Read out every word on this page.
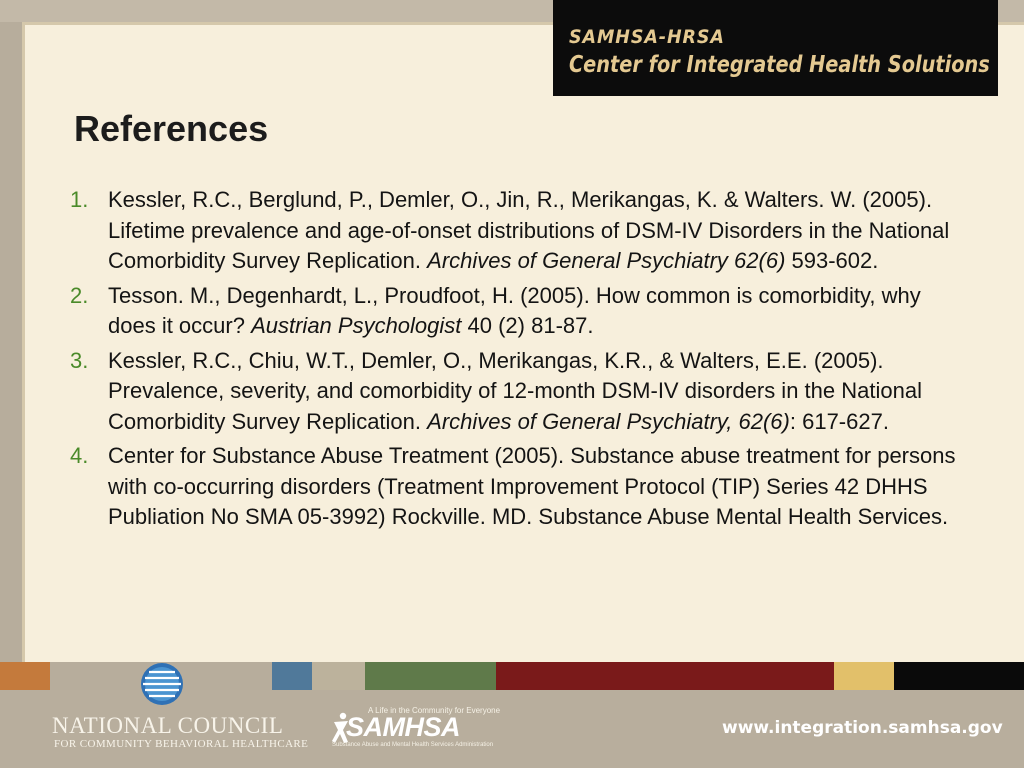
SAMHSA-HRSA
Center for Integrated Health Solutions
References
1. Kessler, R.C., Berglund, P., Demler, O., Jin, R., Merikangas, K. & Walters. W. (2005). Lifetime prevalence and age-of-onset distributions of DSM-IV Disorders in the National Comorbidity Survey Replication. Archives of General Psychiatry 62(6) 593-602.
2. Tesson. M., Degenhardt, L., Proudfoot, H. (2005). How common is comorbidity, why does it occur? Austrian Psychologist 40 (2) 81-87.
3. Kessler, R.C., Chiu, W.T., Demler, O., Merikangas, K.R., & Walters, E.E. (2005). Prevalence, severity, and comorbidity of 12-month DSM-IV disorders in the National Comorbidity Survey Replication. Archives of General Psychiatry, 62(6): 617-627.
4. Center for Substance Abuse Treatment (2005). Substance abuse treatment for persons with co-occurring disorders (Treatment Improvement Protocol (TIP) Series 42 DHHS Publiation No SMA 05-3992) Rockville. MD. Substance Abuse Mental Health Services.
NATIONAL COUNCIL
FOR COMMUNITY BEHAVIORAL HEALTHCARE
A Life in the Community for Everyone
SAMHSA
Substance Abuse and Mental Health Services Administration
www.integration.samhsa.gov
